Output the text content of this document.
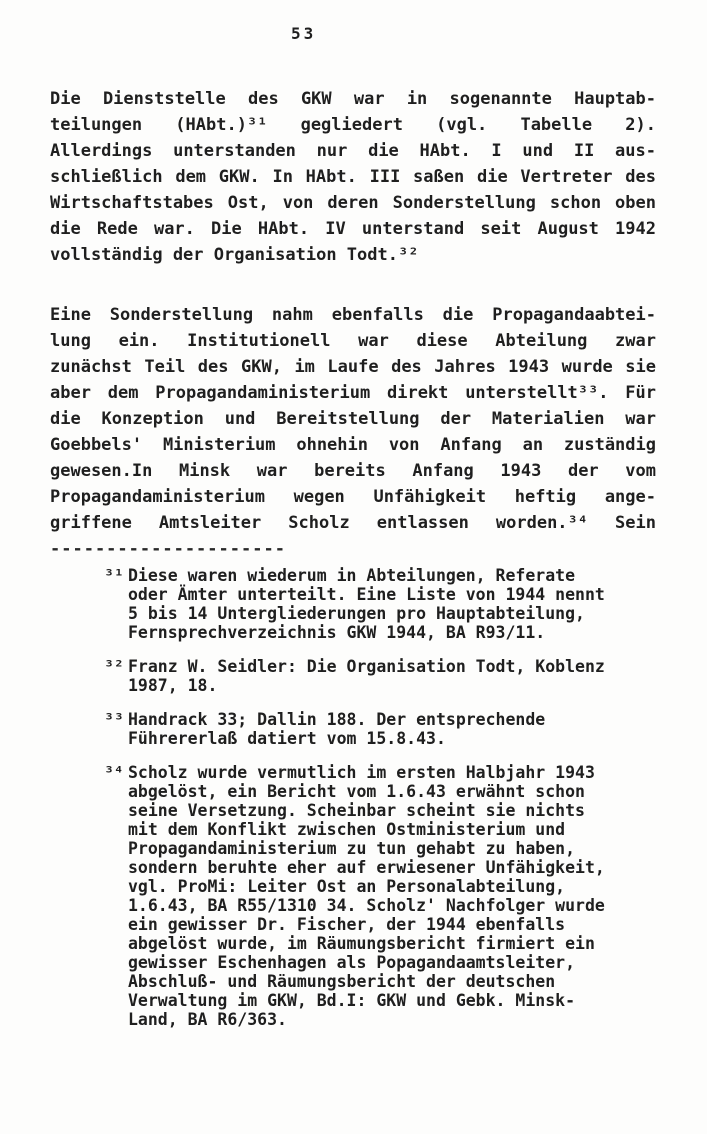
53
Die Dienststelle des GKW war in sogenannte Hauptab-
teilungen (HAbt.)³¹ gegliedert (vgl. Tabelle 2).
Allerdings unterstanden nur die HAbt. I und II aus-
schließlich dem GKW. In HAbt. III saßen die Vertreter des
Wirtschaftstabes Ost, von deren Sonderstellung schon oben
die Rede war. Die HAbt. IV unterstand seit August 1942
vollständig der Organisation Todt.³²
Eine Sonderstellung nahm ebenfalls die Propagandaabtei-
lung ein. Institutionell war diese Abteilung zwar
zunächst Teil des GKW, im Laufe des Jahres 1943 wurde sie
aber dem Propagandaministerium direkt unterstellt³³. Für
die Konzeption und Bereitstellung der Materialien war
Goebbels' Ministerium ohnehin von Anfang an zuständig
gewesen.In Minsk war bereits Anfang 1943 der vom
Propagandaministerium wegen Unfähigkeit heftig ange-
griffene Amtsleiter Scholz entlassen worden.³⁴ Sein
---------------------
³¹ Diese waren wiederum in Abteilungen, Referate
oder Ämter unterteilt. Eine Liste von 1944 nennt
5 bis 14 Untergliederungen pro Hauptabteilung,
Fernsprechverzeichnis GKW 1944, BA R93/11.
³² Franz W. Seidler: Die Organisation Todt, Koblenz
1987, 18.
³³ Handrack 33; Dallin 188. Der entsprechende
Führererlaß datiert vom 15.8.43.
³⁴ Scholz wurde vermutlich im ersten Halbjahr 1943
abgelöst, ein Bericht vom 1.6.43 erwähnt schon
seine Versetzung. Scheinbar scheint sie nichts
mit dem Konflikt zwischen Ostministerium und
Propagandaministerium zu tun gehabt zu haben,
sondern beruhte eher auf erwiesener Unfähigkeit,
vgl. ProMi: Leiter Ost an Personalabteilung,
1.6.43, BA R55/1310 34. Scholz' Nachfolger wurde
ein gewisser Dr. Fischer, der 1944 ebenfalls
abgelöst wurde, im Räumungsbericht firmiert ein
gewisser Eschenhagen als Popagandaamtsleiter,
Abschluß- und Räumungsbericht der deutschen
Verwaltung im GKW, Bd.I: GKW und Gebk. Minsk-
Land, BA R6/363.
